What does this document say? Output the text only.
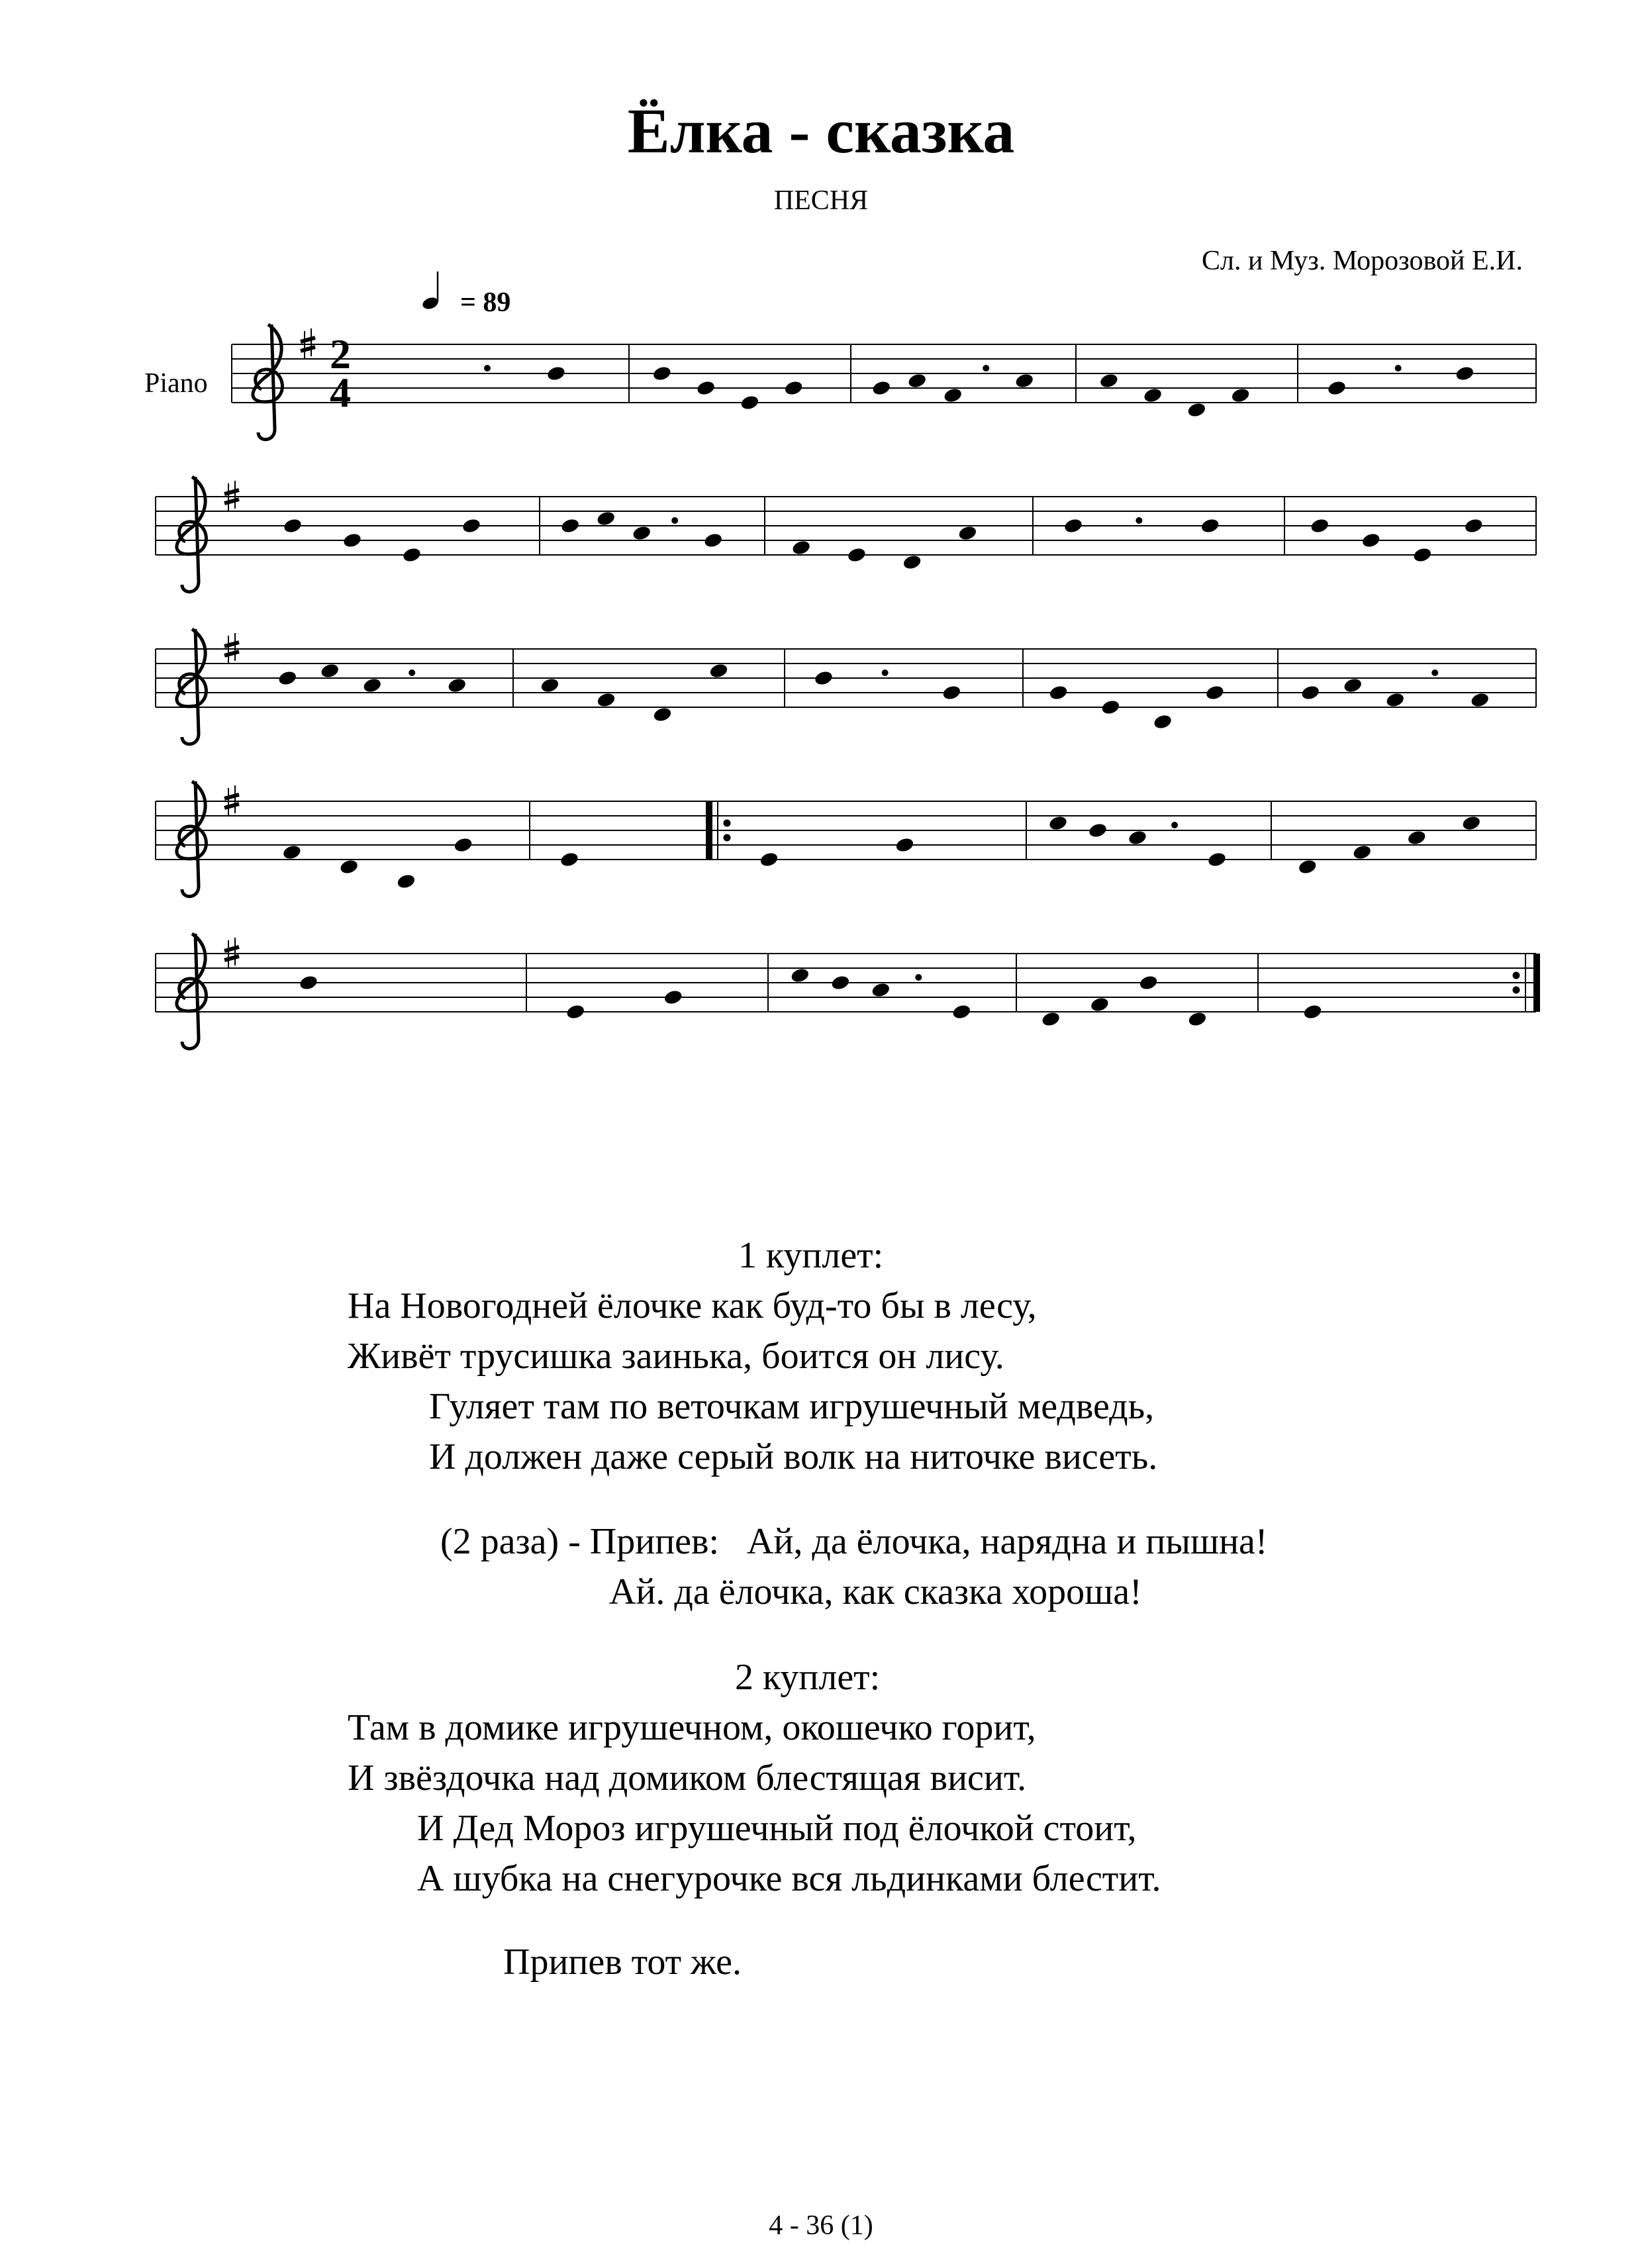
Ёлка - сказка
ПЕСНЯ
Сл. и Муз. Морозовой Е.И.
= 89
Piano
2
4
1 куплет:
На Новогодней ёлочке как буд-то бы в лесу,
Живёт трусишка заинька, боится он лису.
Гуляет там по веточкам игрушечный медведь,
И должен даже серый волк на ниточке висеть.
(2 раза) - Припев:   Ай, да ёлочка, нарядна и пышна!
Ай. да ёлочка, как сказка хороша!
2 куплет:
Там в домике игрушечном, окошечко горит,
И звёздочка над домиком блестящая висит.
И Дед Мороз игрушечный под ёлочкой стоит,
А шубка на снегурочке вся льдинками блестит.
Припев тот же.
4 - 36 (1)
